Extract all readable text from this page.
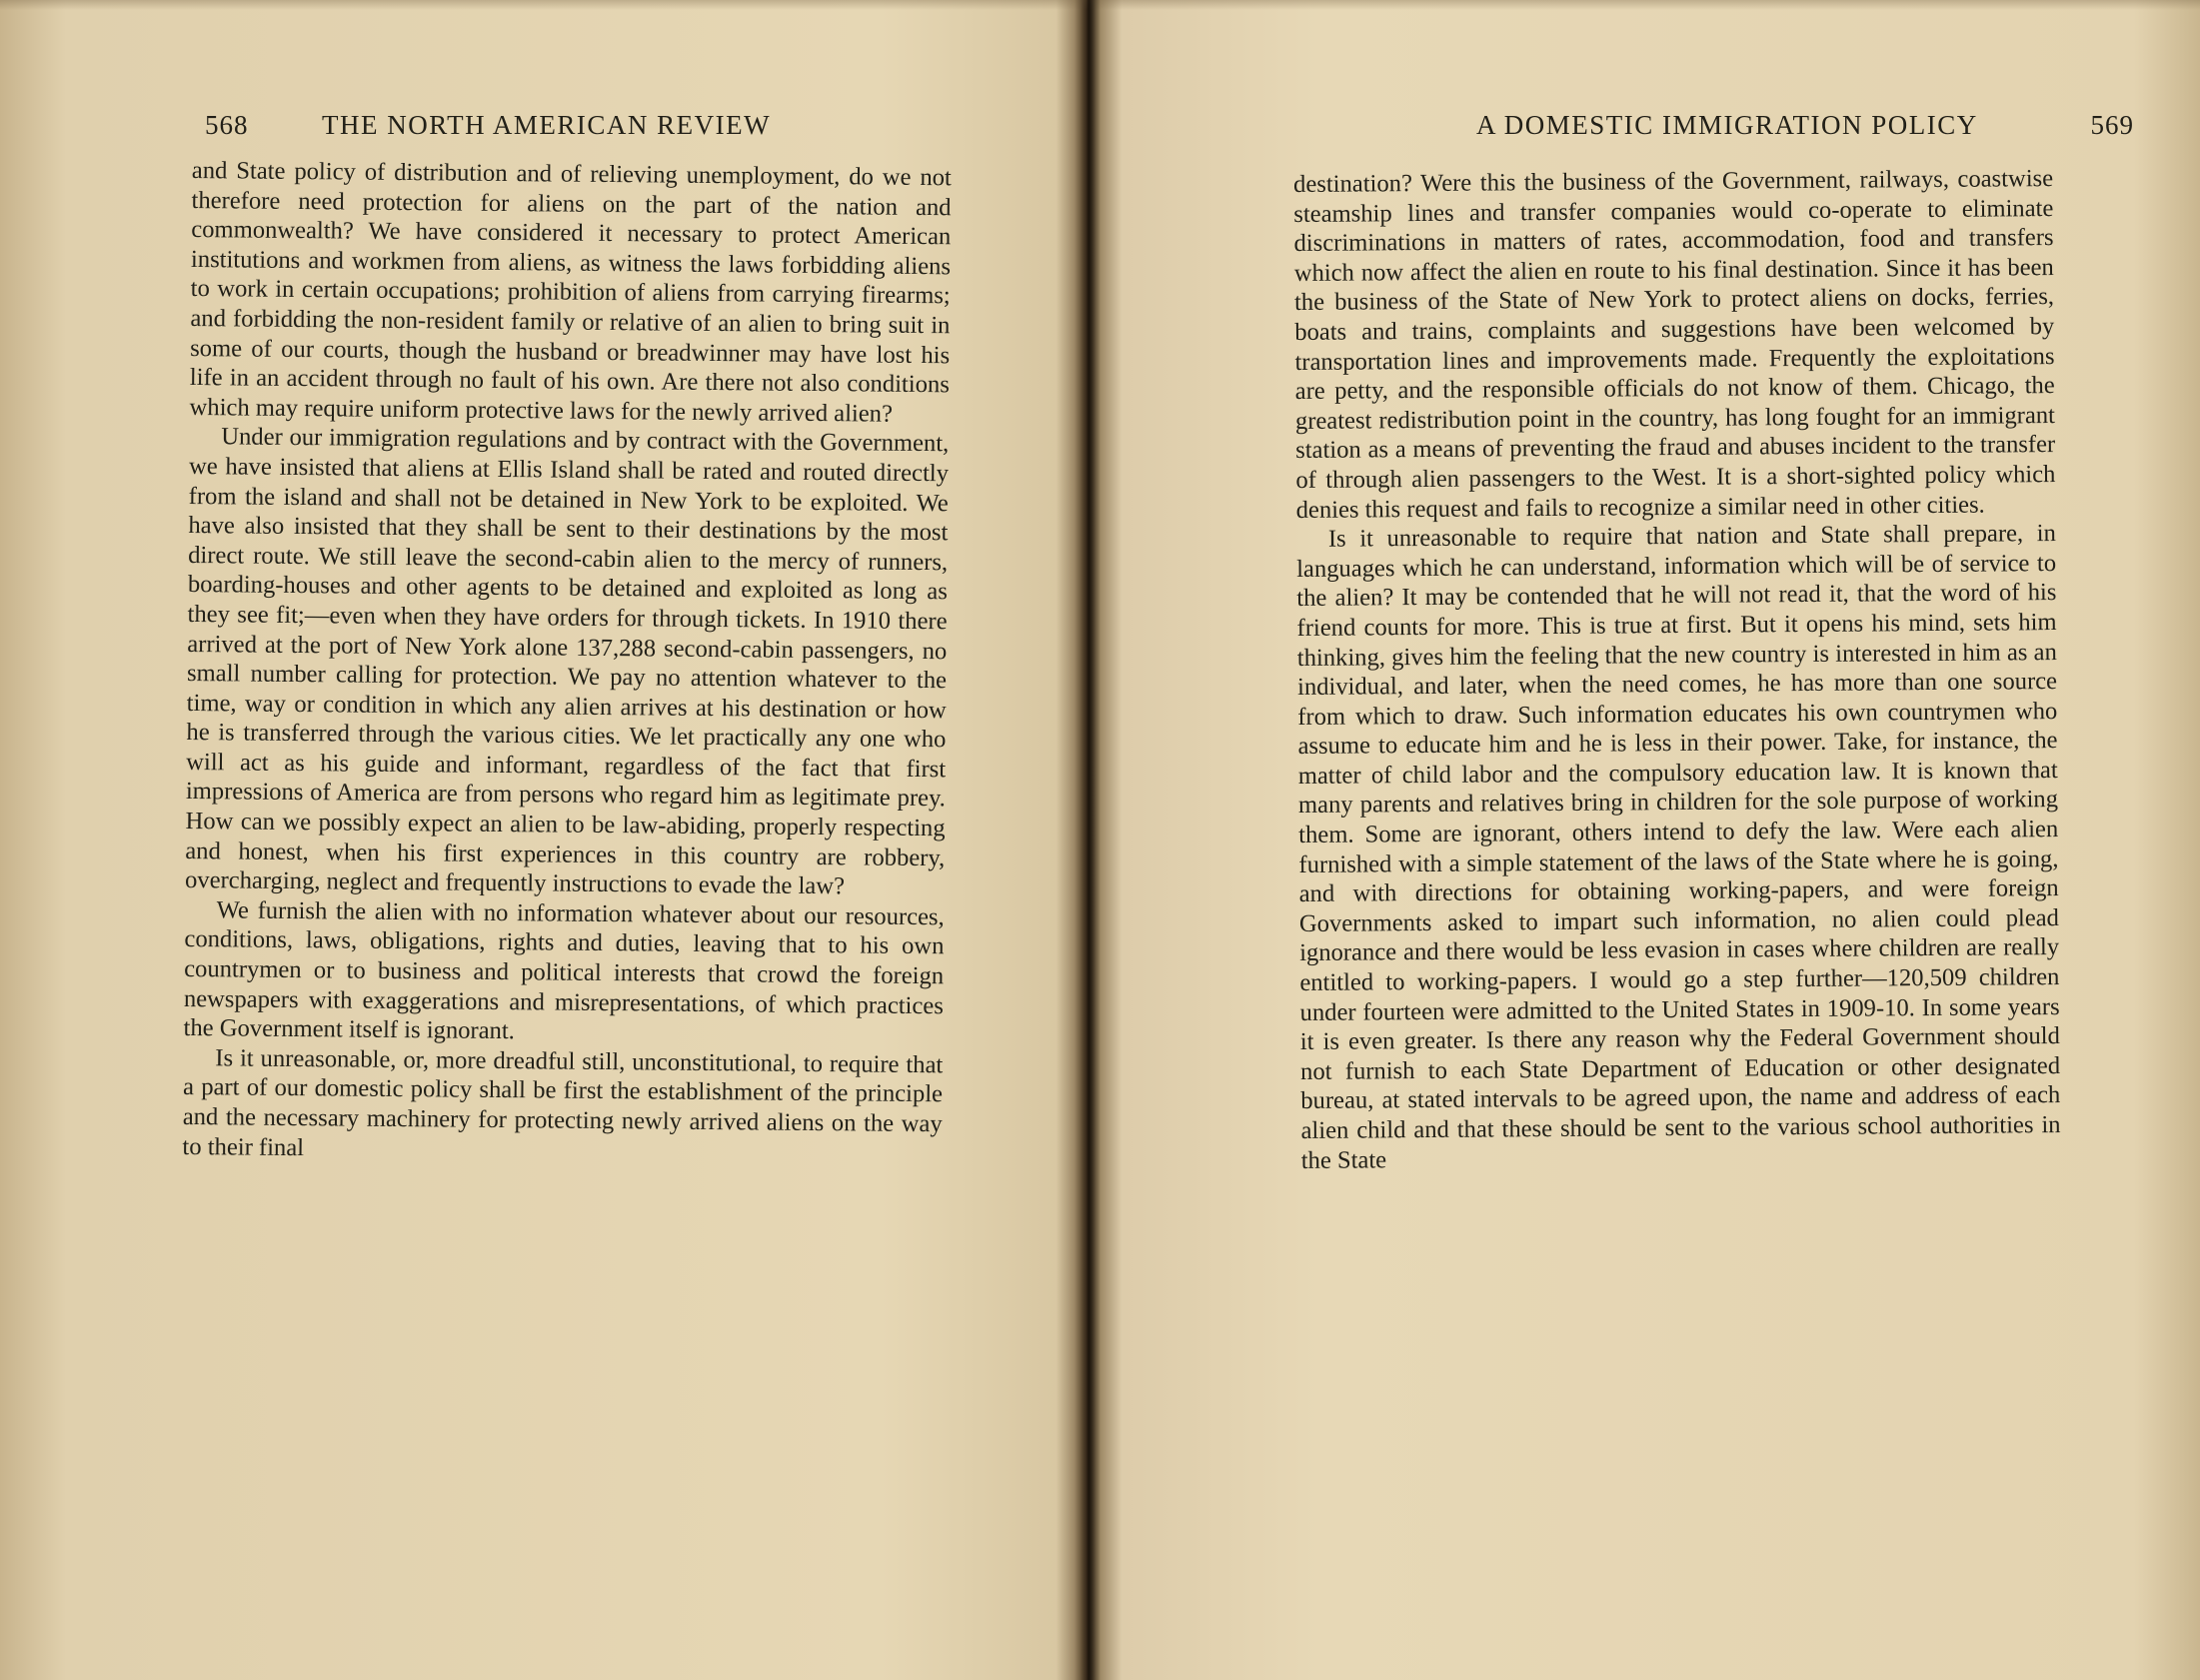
568	THE NORTH AMERICAN REVIEW

and State policy of distribution and of relieving unemployment, do we not therefore need protection for aliens on the part of the nation and commonwealth? We have considered it necessary to protect American institutions and workmen from aliens, as witness the laws forbidding aliens to work in certain occupations; prohibition of aliens from carrying firearms; and forbidding the non-resident family or relative of an alien to bring suit in some of our courts, though the husband or breadwinner may have lost his life in an accident through no fault of his own. Are there not also conditions which may require uniform protective laws for the newly arrived alien?

Under our immigration regulations and by contract with the Government, we have insisted that aliens at Ellis Island shall be rated and routed directly from the island and shall not be detained in New York to be exploited. We have also insisted that they shall be sent to their destinations by the most direct route. We still leave the second-cabin alien to the mercy of runners, boarding-houses and other agents to be detained and exploited as long as they see fit;—even when they have orders for through tickets. In 1910 there arrived at the port of New York alone 137,288 second-cabin passengers, no small number calling for protection. We pay no attention whatever to the time, way or condition in which any alien arrives at his destination or how he is transferred through the various cities. We let practically any one who will act as his guide and informant, regardless of the fact that first impressions of America are from persons who regard him as legitimate prey. How can we possibly expect an alien to be law-abiding, properly respecting and honest, when his first experiences in this country are robbery, overcharging, neglect and frequently instructions to evade the law?

We furnish the alien with no information whatever about our resources, conditions, laws, obligations, rights and duties, leaving that to his own countrymen or to business and political interests that crowd the foreign newspapers with exaggerations and misrepresentations, of which practices the Government itself is ignorant.

Is it unreasonable, or, more dreadful still, unconstitutional, to require that a part of our domestic policy shall be first the establishment of the principle and the necessary machinery for protecting newly arrived aliens on the way to their final

A DOMESTIC IMMIGRATION POLICY	569

destination? Were this the business of the Government, railways, coastwise steamship lines and transfer companies would co-operate to eliminate discriminations in matters of rates, accommodation, food and transfers which now affect the alien en route to his final destination. Since it has been the business of the State of New York to protect aliens on docks, ferries, boats and trains, complaints and suggestions have been welcomed by transportation lines and improvements made. Frequently the exploitations are petty, and the responsible officials do not know of them. Chicago, the greatest redistribution point in the country, has long fought for an immigrant station as a means of preventing the fraud and abuses incident to the transfer of through alien passengers to the West. It is a short-sighted policy which denies this request and fails to recognize a similar need in other cities.

Is it unreasonable to require that nation and State shall prepare, in languages which he can understand, information which will be of service to the alien? It may be contended that he will not read it, that the word of his friend counts for more. This is true at first. But it opens his mind, sets him thinking, gives him the feeling that the new country is interested in him as an individual, and later, when the need comes, he has more than one source from which to draw. Such information educates his own countrymen who assume to educate him and he is less in their power. Take, for instance, the matter of child labor and the compulsory education law. It is known that many parents and relatives bring in children for the sole purpose of working them. Some are ignorant, others intend to defy the law. Were each alien furnished with a simple statement of the laws of the State where he is going, and with directions for obtaining working-papers, and were foreign Governments asked to impart such information, no alien could plead ignorance and there would be less evasion in cases where children are really entitled to working-papers. I would go a step further—120,509 children under fourteen were admitted to the United States in 1909-10. In some years it is even greater. Is there any reason why the Federal Government should not furnish to each State Department of Education or other designated bureau, at stated intervals to be agreed upon, the name and address of each alien child and that these should be sent to the various school authorities in the State
